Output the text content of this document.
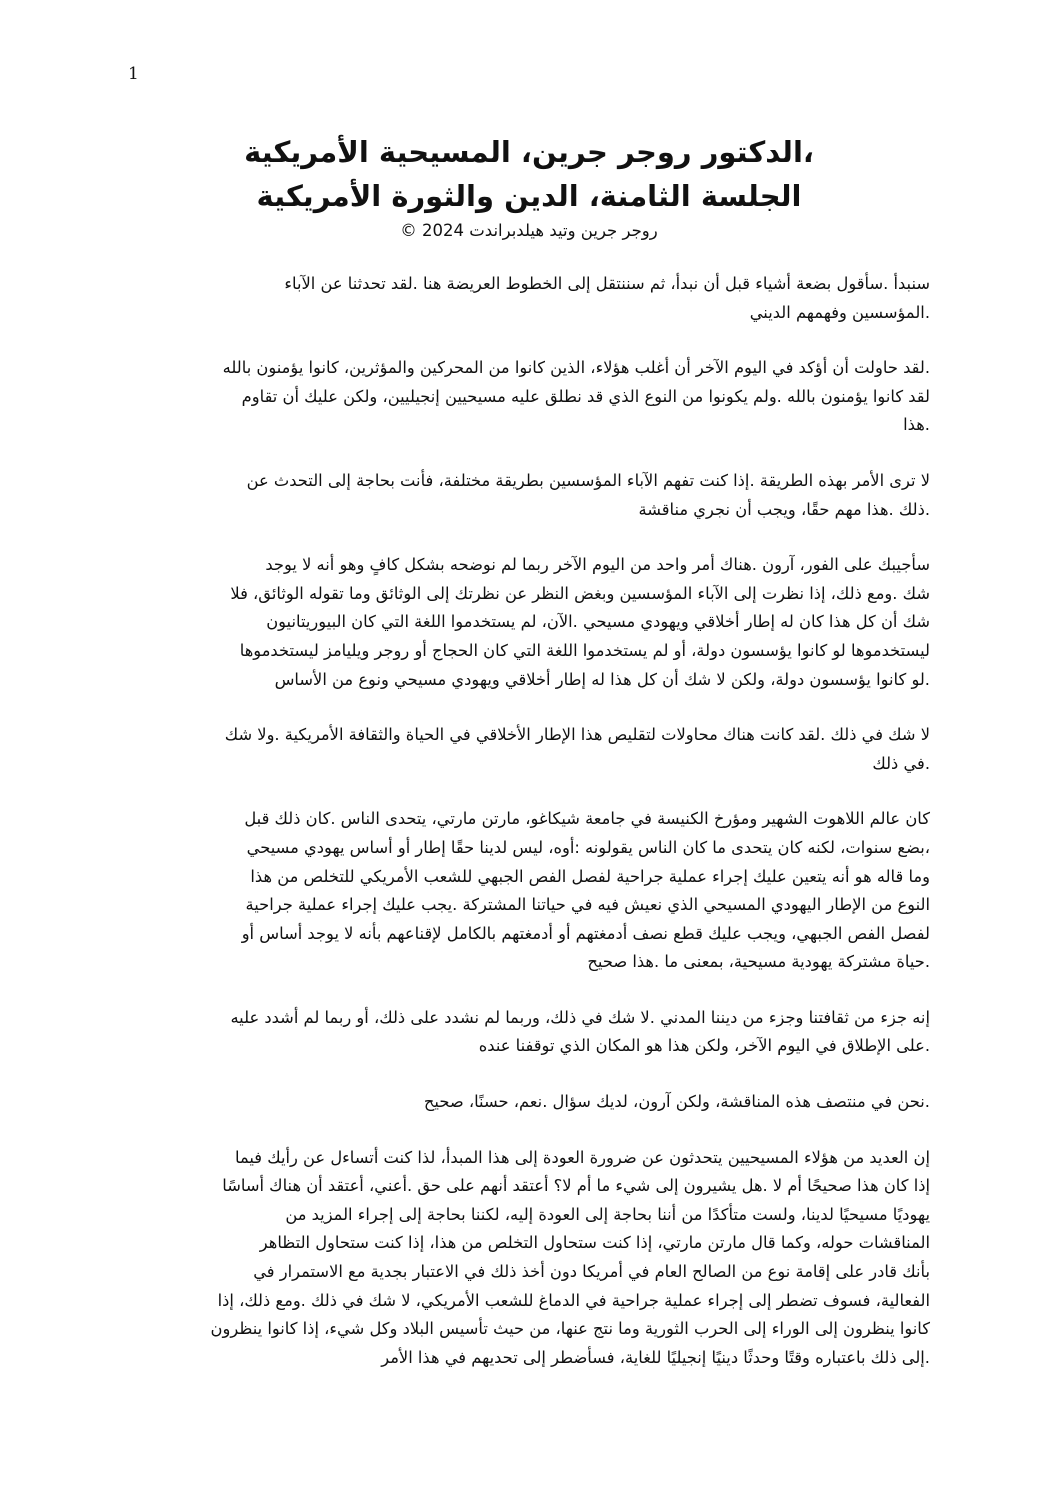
1

،الدكتور روجر جرين، المسيحية الأمريكية

الجلسة الثامنة، الدين والثورة الأمريكية

روجر جرين وتيد هيلدبراندت 2024 ©

سنبدأ .سأقول بضعة أشياء قبل أن نبدأ، ثم سننتقل إلى الخطوط العريضة هنا .لقد تحدثنا عن الآباء
.المؤسسين وفهمهم الديني
.لقد حاولت أن أؤكد في اليوم الآخر أن أغلب هؤلاء، الذين كانوا من المحركين والمؤثرين، كانوا يؤمنون بالله
لقد كانوا يؤمنون بالله .ولم يكونوا من النوع الذي قد نطلق عليه مسيحيين إنجيليين، ولكن عليك أن تقاوم
.هذا
لا ترى الأمر بهذه الطريقة .إذا كنت تفهم الآباء المؤسسين بطريقة مختلفة، فأنت بحاجة إلى التحدث عن
.ذلك .هذا مهم حقًا، ويجب أن نجري مناقشة
سأجيبك على الفور، آرون .هناك أمر واحد من اليوم الآخر ربما لم نوضحه بشكل كافٍ وهو أنه لا يوجد
شك .ومع ذلك، إذا نظرت إلى الآباء المؤسسين وبغض النظر عن نظرتك إلى الوثائق وما تقوله الوثائق، فلا
شك أن كل هذا كان له إطار أخلاقي ويهودي مسيحي .الآن، لم يستخدموا اللغة التي كان البيوريتانيون
ليستخدموها لو كانوا يؤسسون دولة، أو لم يستخدموا اللغة التي كان الحجاج أو روجر ويليامز ليستخدموها
.لو كانوا يؤسسون دولة، ولكن لا شك أن كل هذا له إطار أخلاقي ويهودي مسيحي ونوع من الأساس
لا شك في ذلك .لقد كانت هناك محاولات لتقليص هذا الإطار الأخلاقي في الحياة والثقافة الأمريكية .ولا شك
.في ذلك
كان عالم اللاهوت الشهير ومؤرخ الكنيسة في جامعة شيكاغو، مارتن مارتي، يتحدى الناس .كان ذلك قبل
،بضع سنوات، لكنه كان يتحدى ما كان الناس يقولونه :أوه، ليس لدينا حقًا إطار أو أساس يهودي مسيحي
وما قاله هو أنه يتعين عليك إجراء عملية جراحية لفصل الفص الجبهي للشعب الأمريكي للتخلص من هذا
النوع من الإطار اليهودي المسيحي الذي نعيش فيه في حياتنا المشتركة .يجب عليك إجراء عملية جراحية
لفصل الفص الجبهي، ويجب عليك قطع نصف أدمغتهم أو أدمغتهم بالكامل لإقناعهم بأنه لا يوجد أساس أو
.حياة مشتركة يهودية مسيحية، بمعنى ما .هذا صحيح
إنه جزء من ثقافتنا وجزء من ديننا المدني .لا شك في ذلك، وربما لم نشدد على ذلك، أو ربما لم أشدد عليه
.على الإطلاق في اليوم الآخر، ولكن هذا هو المكان الذي توقفنا عنده
.نحن في منتصف هذه المناقشة، ولكن آرون، لديك سؤال .نعم، حسنًا، صحيح
إن العديد من هؤلاء المسيحيين يتحدثون عن ضرورة العودة إلى هذا المبدأ، لذا كنت أتساءل عن رأيك فيما
إذا كان هذا صحيحًا أم لا .هل يشيرون إلى شيء ما أم لا؟ أعتقد أنهم على حق .أعني، أعتقد أن هناك أساسًا
يهوديًا مسيحيًا لدينا، ولست متأكدًا من أننا بحاجة إلى العودة إليه، لكننا بحاجة إلى إجراء المزيد من
المناقشات حوله، وكما قال مارتن مارتي، إذا كنت ستحاول التخلص من هذا، إذا كنت ستحاول التظاهر
بأنك قادر على إقامة نوع من الصالح العام في أمريكا دون أخذ ذلك في الاعتبار بجدية مع الاستمرار في
الفعالية، فسوف تضطر إلى إجراء عملية جراحية في الدماغ للشعب الأمريكي، لا شك في ذلك .ومع ذلك، إذا
كانوا ينظرون إلى الوراء إلى الحرب الثورية وما نتج عنها، من حيث تأسيس البلاد وكل شيء، إذا كانوا ينظرون
.إلى ذلك باعتباره وقتًا وحدثًا دينيًا إنجيليًا للغاية، فسأضطر إلى تحديهم في هذا الأمر
